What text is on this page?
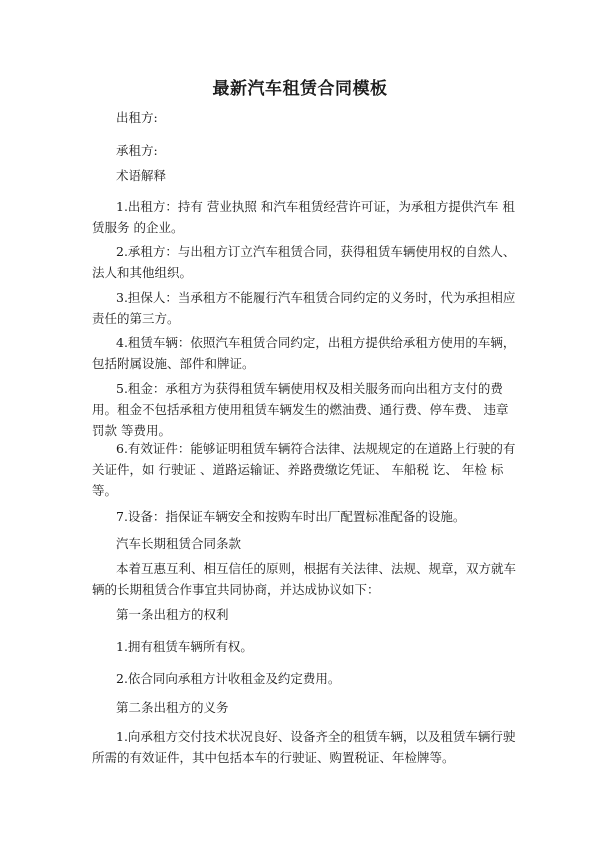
最新汽车租赁合同模板
出租方:
承租方:
术语解释
1.出租方：持有 营业执照 和汽车租赁经营许可证，为承租方提供汽车 租赁服务 的企业。
2.承租方：与出租方订立汽车租赁合同，获得租赁车辆使用权的自然人、法人和其他组织。
3.担保人：当承租方不能履行汽车租赁合同约定的义务时，代为承担相应责任的第三方。
4.租赁车辆：依照汽车租赁合同约定，出租方提供给承租方使用的车辆，包括附属设施、部件和牌证。
5.租金：承租方为获得租赁车辆使用权及相关服务而向出租方支付的费用。租金不包括承租方使用租赁车辆发生的燃油费、通行费、停车费、 违章 罚款 等费用。
6.有效证件：能够证明租赁车辆符合法律、法规规定的在道路上行驶的有关证件，如 行驶证 、道路运输证、养路费缴讫凭证、 车船税 讫、 年检 标 等。
7.设备：指保证车辆安全和按购车时出厂配置标准配备的设施。
汽车长期租赁合同条款
本着互惠互利、相互信任的原则，根据有关法律、法规、规章，双方就车辆的长期租赁合作事宜共同协商，并达成协议如下：
第一条出租方的权利
1.拥有租赁车辆所有权。
2.依合同向承租方计收租金及约定费用。
第二条出租方的义务
1.向承租方交付技术状况良好、设备齐全的租赁车辆，以及租赁车辆行驶所需的有效证件，其中包括本车的行驶证、购置税证、年检牌等。
